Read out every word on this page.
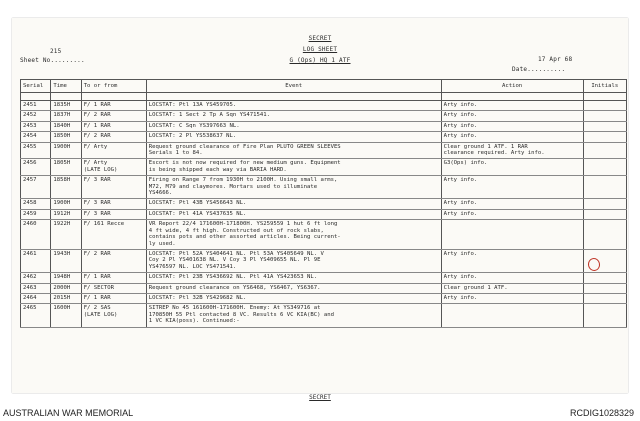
SECRET
LOG SHEET
G (Ops) HQ 1 ATF
215
Sheet No.........	17 Apr 68
Date..........
Serial	Time	To or from	Event	Action	Initials

2451	1835H	F/ 1 RAR	LOCSTAT: Ptl 13A YS459705.	Arty info.	
2452	1837H	F/ 2 RAR	LOCSTAT: 1 Sect 2 Tp A Sqn YS471541.	Arty info.	
2453	1840H	F/ 1 RAR	LOCSTAT: C Sqn YS397663 NL.	Arty info.	
2454	1850H	F/ 2 RAR	LOCSTAT: 2 Pl YS538637 NL.	Arty info.	
2455	1900H	F/ Arty	Request ground clearance of Fire Plan PLUTO GREEN SLEEVES
Serials 1 to 84.	Clear ground 1 ATF. 1 RAR
clearance required. Arty info.	
2456	1805H	F/ Arty
(LATE LOG)	Escort is not now required for new medium guns. Equipment
is being shipped each way via BARIA HARD.	G3(Ops) info.	
2457	1858H	F/ 3 RAR	Firing on Range 7 from 1930H to 2100H. Using small arms,
M72, M79 and claymores. Mortars used to illuminate
YS4666.	Arty info.	
2458	1900H	F/ 3 RAR	LOCSTAT: Ptl 43B YS456643 NL.	Arty info.	
2459	1912H	F/ 3 RAR	LOCSTAT: Ptl 41A YS437635 NL.	Arty info.	
2460	1922H	F/ 161 Recce	VR Report 22/4 171600H-171800H. YS259559 1 hut 6 ft long
4 ft wide, 4 ft high. Constructed out of rock slabs,
contains pots and other assorted articles. Being current-
ly used.		
2461	1943H	F/ 2 RAR	LOCSTAT: Ptl 52A YS404641 NL. Ptl 53A YS405649 NL. V
Coy 2 Pl YS401638 NL. V Coy 3 Pl YS409655 NL. Pl 9E
YS476597 NL. LOC YS471541.	Arty info.	
2462	1948H	F/ 1 RAR	LOCSTAT: Ptl 23B YS436692 NL. Ptl 41A YS423653 NL.	Arty info.	
2463	2000H	F/ SECTOR	Request ground clearance on YS6468, YS6467, YS6367.	Clear ground 1 ATF.	
2464	2015H	F/ 1 RAR	LOCSTAT: Ptl 32B YS429682 NL.	Arty info.	
2465	1600H	F/ 2 SAS
(LATE LOG)	SITREP No 45 161600H-171600H. Enemy: At YS349716 at
170850H 55 Ptl contacted 8 VC. Results 6 VC KIA(BC) and
1 VC KIA(poss). Continued:-		
SECRET
AUSTRALIAN WAR MEMORIAL	RCDIG1028329
